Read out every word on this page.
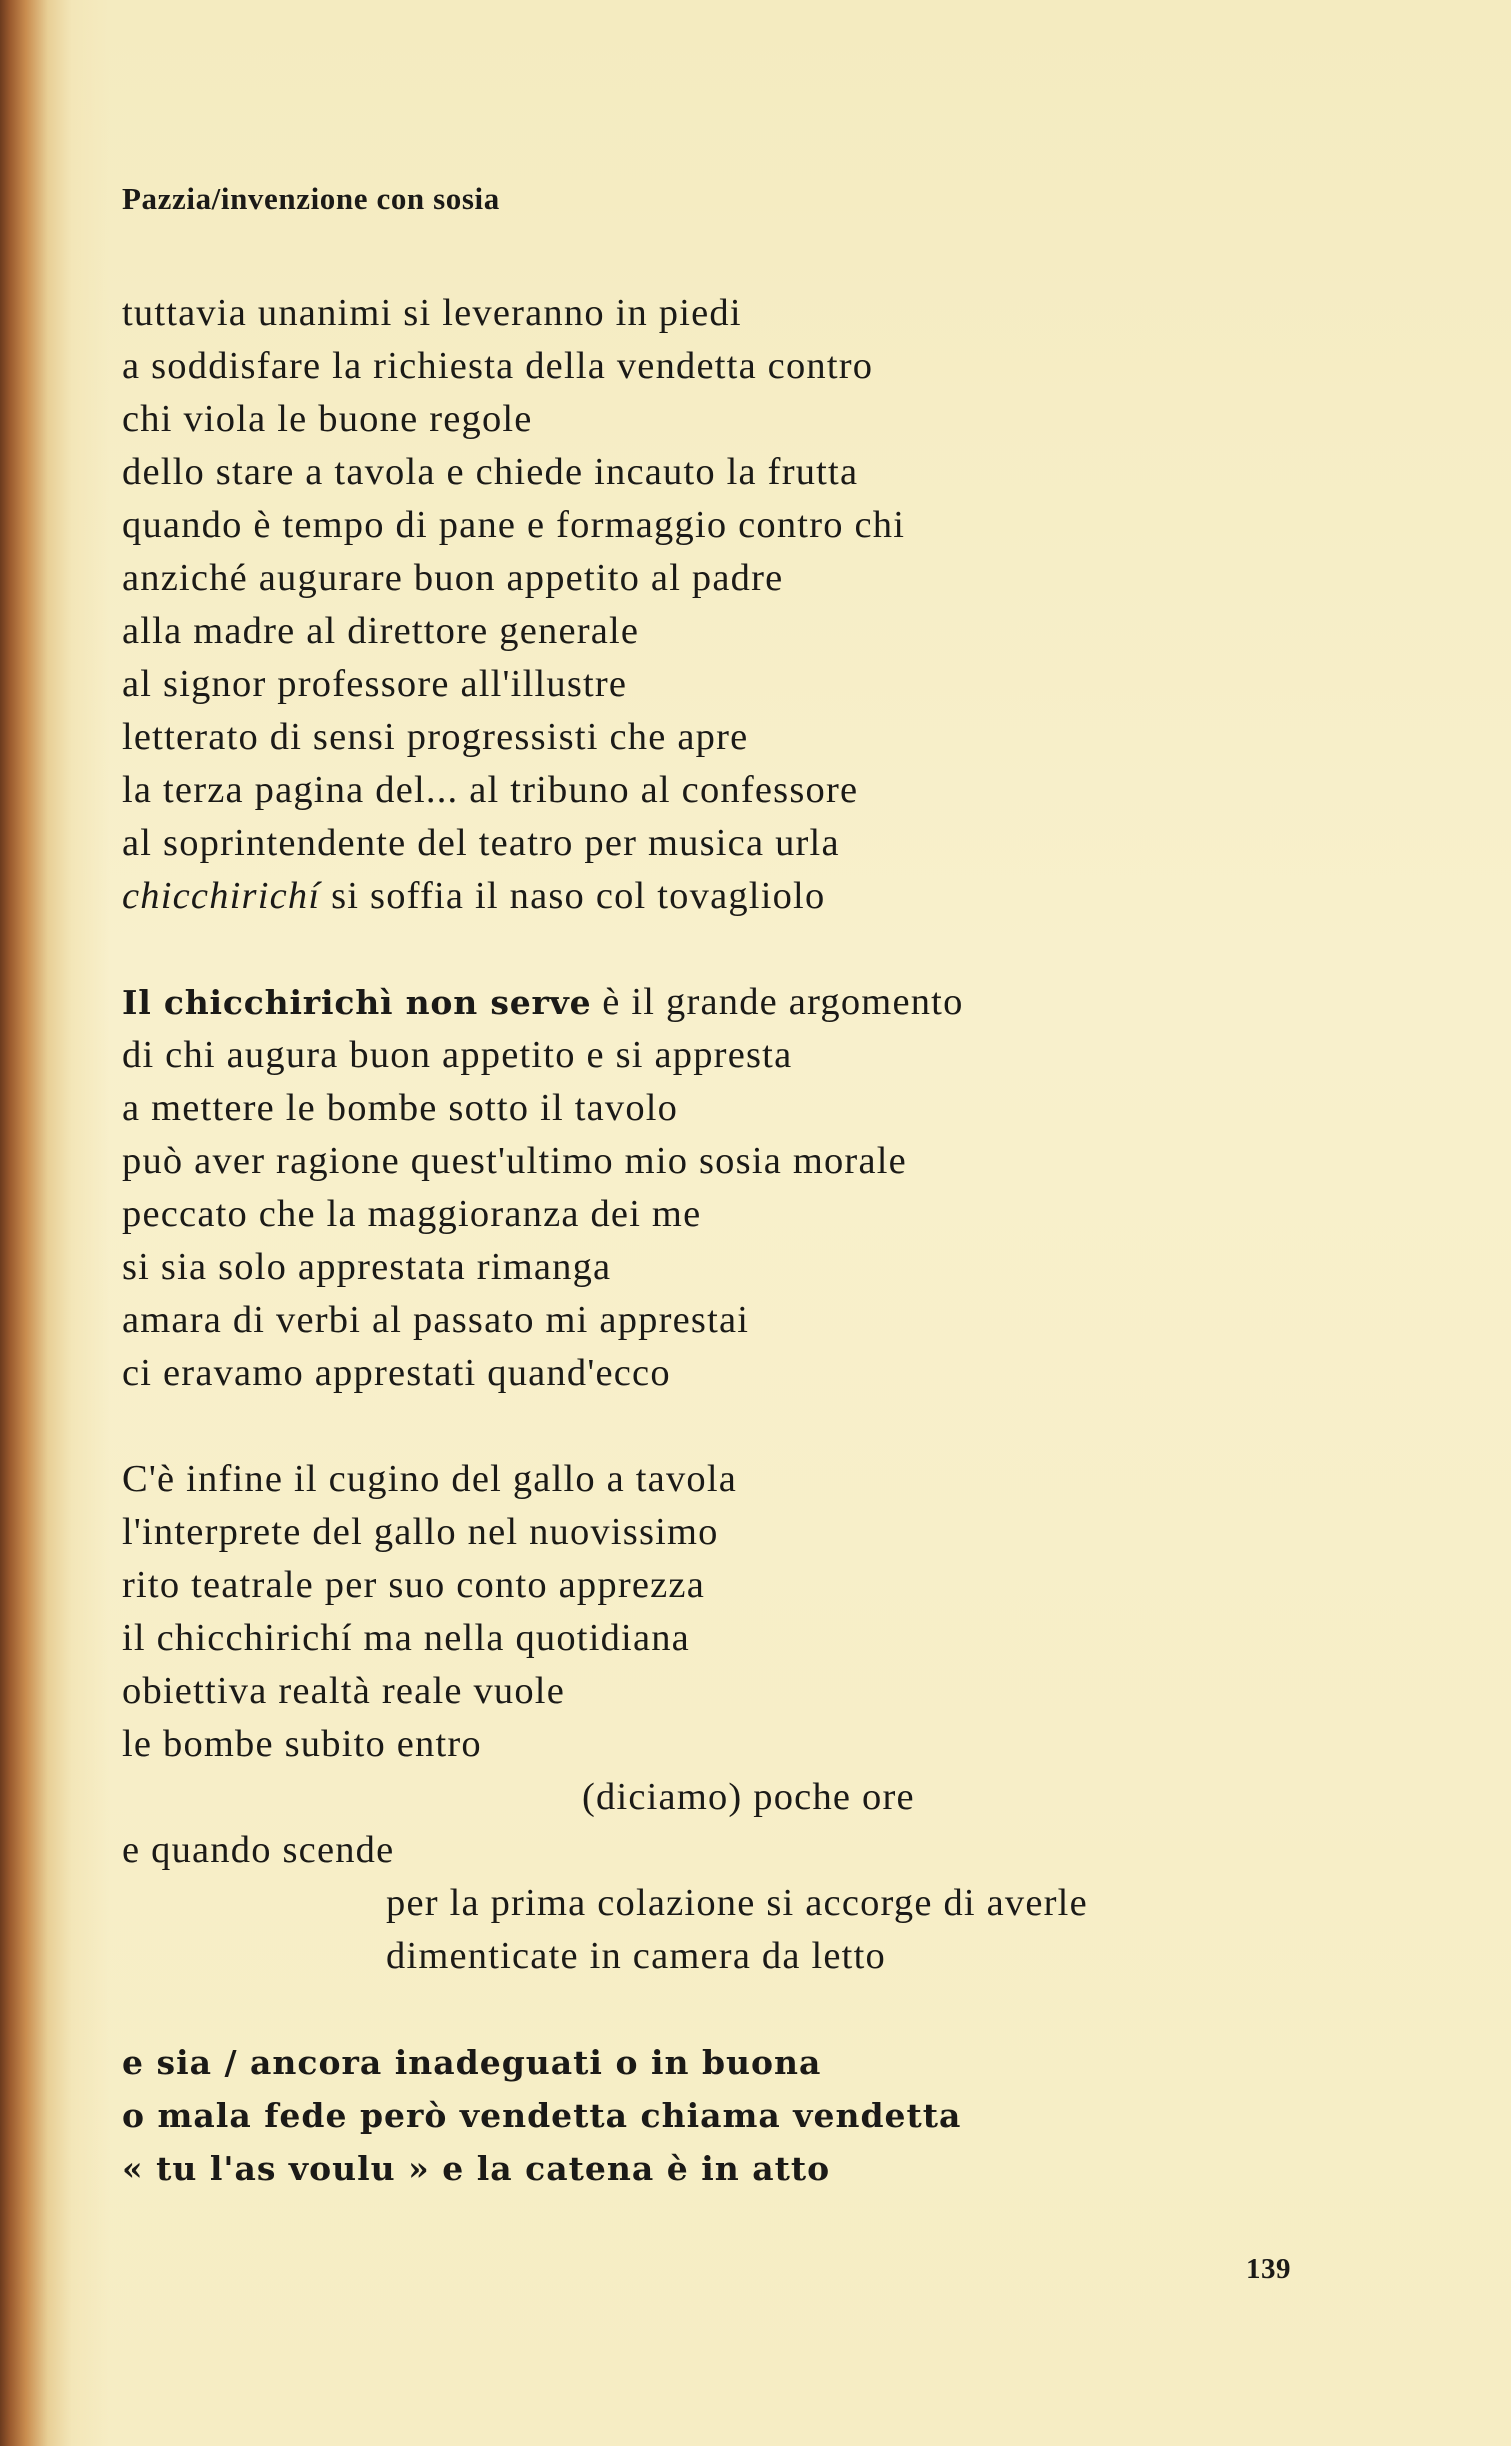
Pazzia/invenzione con sosia
tuttavia unanimi si leveranno in piedi
a soddisfare la richiesta della vendetta contro
chi viola le buone regole
dello stare a tavola e chiede incauto la frutta
quando è tempo di pane e formaggio contro chi
anziché augurare buon appetito al padre
alla madre al direttore generale
al signor professore all'illustre
letterato di sensi progressisti che apre
la terza pagina del... al tribuno al confessore
al soprintendente del teatro per musica urla
chicchirichí si soffia il naso col tovagliolo
Il chicchirichì non serve è il grande argomento
di chi augura buon appetito e si appresta
a mettere le bombe sotto il tavolo
può aver ragione quest'ultimo mio sosia morale
peccato che la maggioranza dei me
si sia solo apprestata rimanga
amara di verbi al passato mi apprestai
ci eravamo apprestati quand'ecco
C'è infine il cugino del gallo a tavola
l'interprete del gallo nel nuovissimo
rito teatrale per suo conto apprezza
il chicchirichí ma nella quotidiana
obiettiva realtà reale vuole
le bombe subito entro
(diciamo) poche ore
e quando scende
per la prima colazione si accorge di averle
dimenticate in camera da letto
e sia / ancora inadeguati o in buona
o mala fede però vendetta chiama vendetta
« tu l'as voulu » e la catena è in atto
139
